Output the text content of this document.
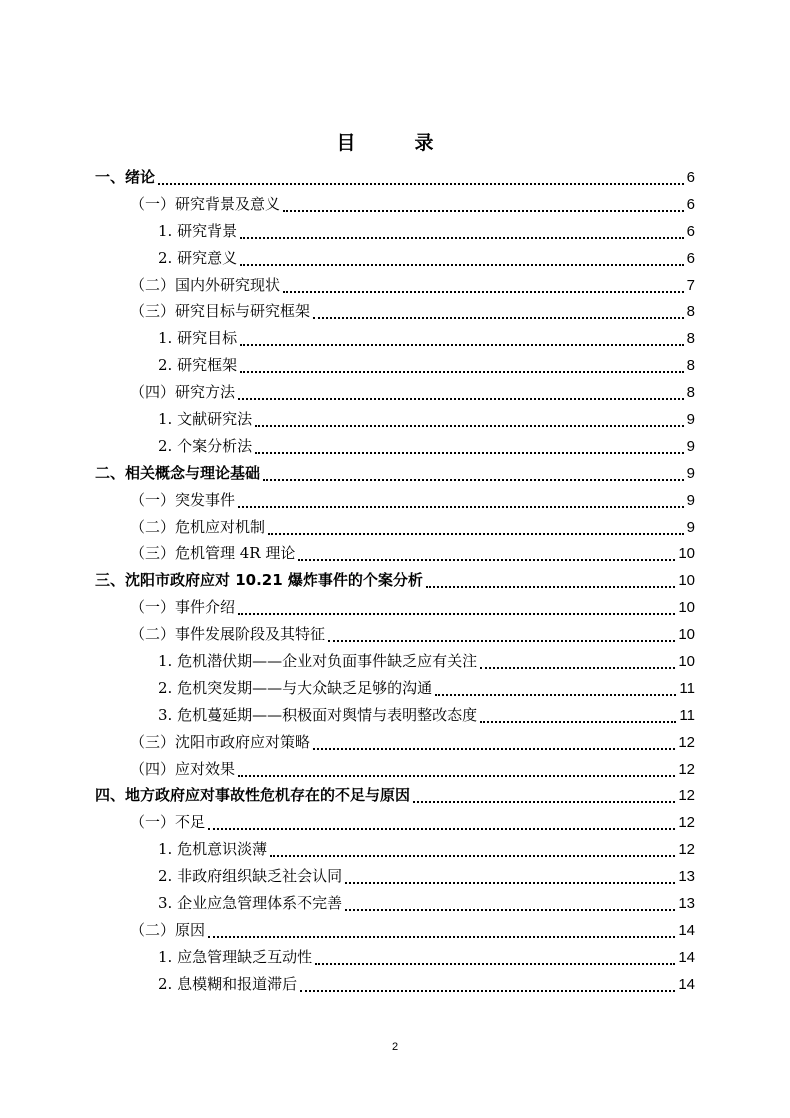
目　录
一、绪论	6
（一）研究背景及意义	6
1. 研究背景	6
2. 研究意义	6
（二）国内外研究现状	7
（三）研究目标与研究框架	8
1. 研究目标	8
2. 研究框架	8
（四）研究方法	8
1. 文献研究法	9
2. 个案分析法	9
二、相关概念与理论基础	9
（一）突发事件	9
（二）危机应对机制	9
（三）危机管理 4R 理论	10
三、沈阳市政府应对 10.21 爆炸事件的个案分析	10
（一）事件介绍	10
（二）事件发展阶段及其特征	10
1. 危机潜伏期——企业对负面事件缺乏应有关注	10
2. 危机突发期——与大众缺乏足够的沟通	11
3. 危机蔓延期——积极面对舆情与表明整改态度	11
（三）沈阳市政府应对策略	12
（四）应对效果	12
四、地方政府应对事故性危机存在的不足与原因	12
（一）不足	12
1. 危机意识淡薄	12
2. 非政府组织缺乏社会认同	13
3. 企业应急管理体系不完善	13
（二）原因	14
1. 应急管理缺乏互动性	14
2. 息模糊和报道滞后	14
2
